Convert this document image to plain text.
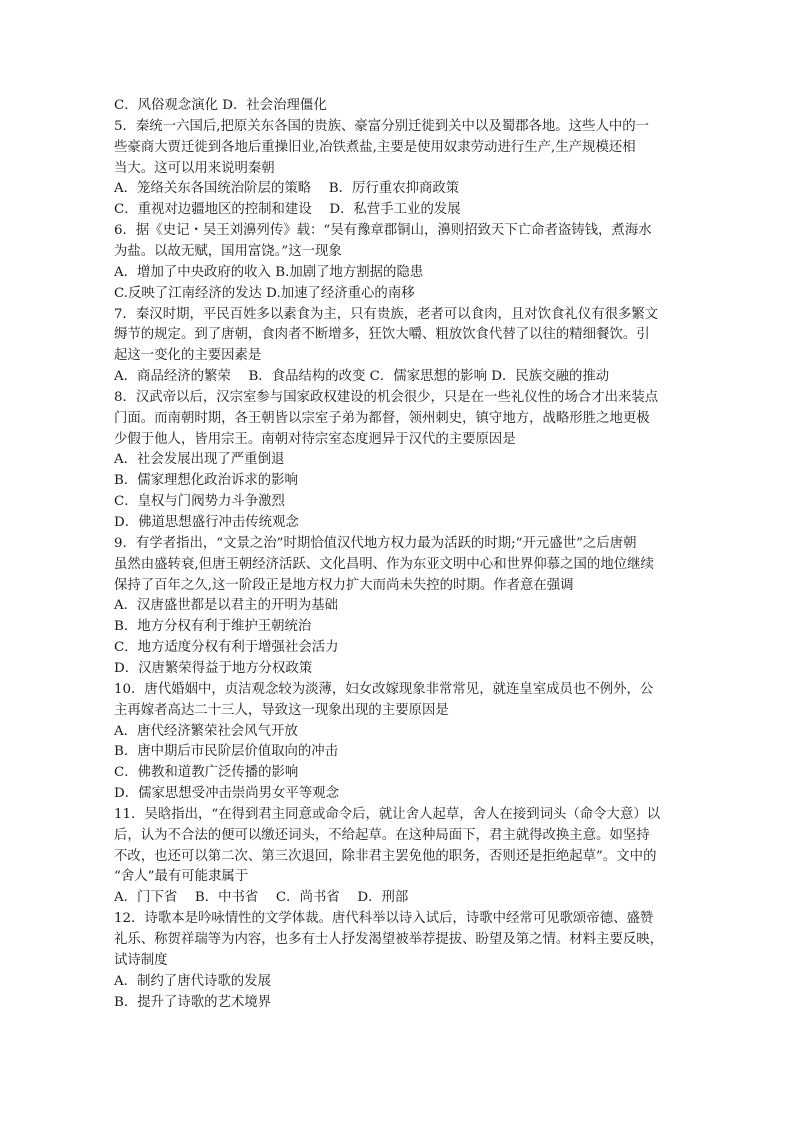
C．风俗观念演化 D．社会治理僵化
5．秦统一六国后,把原关东各国的贵族、豪富分别迁徙到关中以及蜀郡各地。这些人中的一
些豪商大贾迁徙到各地后重操旧业,冶铁煮盐,主要是使用奴隶劳动进行生产,生产规模还相
当大。这可以用来说明秦朝
A．笼络关东各国统治阶层的策略　 B．厉行重农抑商政策
C．重视对边疆地区的控制和建设　 D．私营手工业的发展
6．据《史记・吴王刘濞列传》载：“吴有豫章郡铜山，濞则招致天下亡命者盗铸钱，煮海水
为盐。以故无赋，国用富饶。”这一现象
A．增加了中央政府的收入 B.加剧了地方割据的隐患
C.反映了江南经济的发达 D.加速了经济重心的南移
7．秦汉时期，平民百姓多以素食为主，只有贵族，老者可以食肉，且对饮食礼仪有很多繁文
缛节的规定。到了唐朝，食肉者不断增多，狂饮大嚼、粗放饮食代替了以往的精细餐饮。引
起这一变化的主要因素是
A．商品经济的繁荣　 B．食品结构的改变 C．儒家思想的影响 D．民族交融的推动
8．汉武帝以后，汉宗室参与国家政权建设的机会很少，只是在一些礼仪性的场合才出来装点
门面。而南朝时期，各王朝皆以宗室子弟为都督，领州刺史，镇守地方，战略形胜之地更极
少假于他人，皆用宗王。南朝对待宗室态度迥异于汉代的主要原因是
A．社会发展出现了严重倒退
B．儒家理想化政治诉求的影响
C．皇权与门阀势力斗争激烈
D．佛道思想盛行冲击传统观念
9．有学者指出，“文景之治”时期恰值汉代地方权力最为活跃的时期;“开元盛世”之后唐朝
虽然由盛转衰,但唐王朝经济活跃、文化昌明、作为东亚文明中心和世界仰慕之国的地位继续
保持了百年之久,这一阶段正是地方权力扩大而尚未失控的时期。作者意在强调
A．汉唐盛世都是以君主的开明为基础
B．地方分权有利于维护王朝统治
C．地方适度分权有利于增强社会活力
D．汉唐繁荣得益于地方分权政策
10．唐代婚姻中，贞洁观念较为淡薄，妇女改嫁现象非常常见，就连皇室成员也不例外，公
主再嫁者高达二十三人，导致这一现象出现的主要原因是
A．唐代经济繁荣社会风气开放
B．唐中期后市民阶层价值取向的冲击
C．佛教和道教广泛传播的影响
D．儒家思想受冲击崇尚男女平等观念
11．吴晗指出，“在得到君主同意或命令后，就让舍人起草，舍人在接到词头（命令大意）以
后，认为不合法的便可以缴还词头，不给起草。在这种局面下，君主就得改换主意。如坚持
不改，也还可以第二次、第三次退回，除非君主罢免他的职务，否则还是拒绝起草”。文中的
“舍人”最有可能隶属于
A．门下省　 B．中书省　 C．尚书省　 D．刑部
12．诗歌本是吟咏情性的文学体裁。唐代科举以诗入试后，诗歌中经常可见歌颂帝德、盛赞
礼乐、称贺祥瑞等为内容，也多有士人抒发渴望被举荐提拔、盼望及第之情。材料主要反映，
试诗制度
A．制约了唐代诗歌的发展
B．提升了诗歌的艺术境界
